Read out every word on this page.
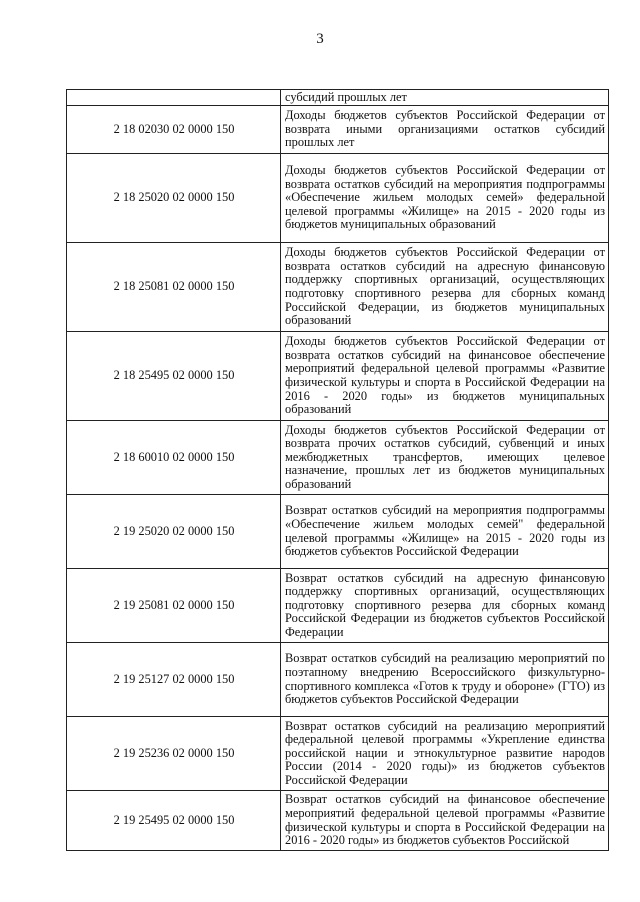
3
	субсидий прошлых лет
2 18 02030 02 0000 150	Доходы бюджетов субъектов Российской Федерации от возврата иными организациями остатков субсидий прошлых лет
2 18 25020 02 0000 150	Доходы бюджетов субъектов Российской Федерации от возврата остатков субсидий на мероприятия подпрограммы «Обеспечение жильем молодых семей» федеральной целевой программы «Жилище» на 2015 - 2020 годы из бюджетов муниципальных образований
2 18 25081 02 0000 150	Доходы бюджетов субъектов Российской Федерации от возврата остатков субсидий на адресную финансовую поддержку спортивных организаций, осуществляющих подготовку спортивного резерва для сборных команд Российской Федерации, из бюджетов муниципальных образований
2 18 25495 02 0000 150	Доходы бюджетов субъектов Российской Федерации от возврата остатков субсидий на финансовое обеспечение мероприятий федеральной целевой программы «Развитие физической культуры и спорта в Российской Федерации на 2016 - 2020 годы» из бюджетов муниципальных образований
2 18 60010 02 0000 150	Доходы бюджетов субъектов Российской Федерации от возврата прочих остатков субсидий, субвенций и иных межбюджетных трансфертов, имеющих целевое назначение, прошлых лет из бюджетов муниципальных образований
2 19 25020 02 0000 150	Возврат остатков субсидий на мероприятия подпрограммы «Обеспечение жильем молодых семей" федеральной целевой программы «Жилище» на 2015 - 2020 годы из бюджетов субъектов Российской Федерации
2 19 25081 02 0000 150	Возврат остатков субсидий на адресную финансовую поддержку спортивных организаций, осуществляющих подготовку спортивного резерва для сборных команд Российской Федерации из бюджетов субъектов Российской Федерации
2 19 25127 02 0000 150	Возврат остатков субсидий на реализацию мероприятий по поэтапному внедрению Всероссийского физкультурно-спортивного комплекса «Готов к труду и обороне» (ГТО) из бюджетов субъектов Российской Федерации
2 19 25236 02 0000 150	Возврат остатков субсидий на реализацию мероприятий федеральной целевой программы «Укрепление единства российской нации и этнокультурное развитие народов России (2014 - 2020 годы)» из бюджетов субъектов Российской Федерации
2 19 25495 02 0000 150	Возврат остатков субсидий на финансовое обеспечение мероприятий федеральной целевой программы «Развитие физической культуры и спорта в Российской Федерации на 2016 - 2020 годы» из бюджетов субъектов Российской
